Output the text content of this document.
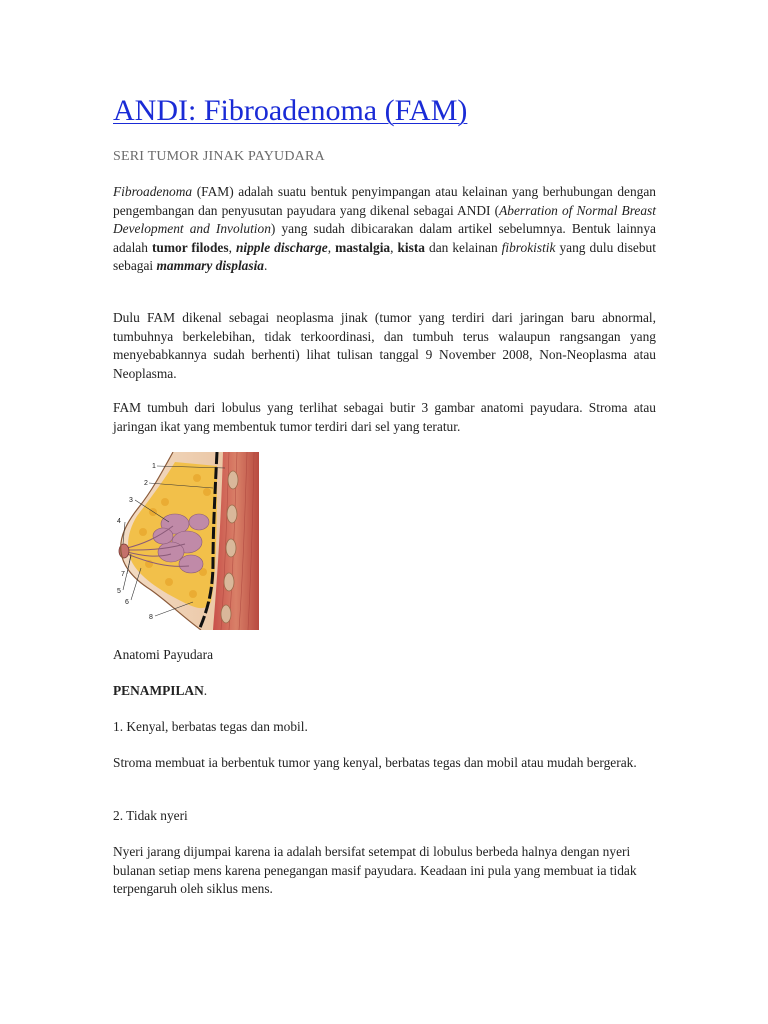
ANDI: Fibroadenoma (FAM)
SERI TUMOR JINAK PAYUDARA

Fibroadenoma (FAM) adalah suatu bentuk penyimpangan atau kelainan yang berhubungan dengan pengembangan dan penyusutan payudara yang dikenal sebagai ANDI (Aberration of Normal Breast Development and Involution) yang sudah dibicarakan dalam artikel sebelumnya. Bentuk lainnya adalah tumor filodes, nipple discharge, mastalgia, kista dan kelainan fibrokistik yang dulu disebut sebagai mammary displasia.

Dulu FAM dikenal sebagai neoplasma jinak (tumor yang terdiri dari jaringan baru abnormal, tumbuhnya berkelebihan, tidak terkoordinasi, dan tumbuh terus walaupun rangsangan yang menyebabkannya sudah berhenti) lihat tulisan tanggal 9 November 2008, Non-Neoplasma atau Neoplasma.

FAM tumbuh dari lobulus yang terlihat sebagai butir 3 gambar anatomi payudara. Stroma atau jaringan ikat yang membentuk tumor terdiri dari sel yang teratur.

1
2
3
4
5
6
7
8

Anatomi Payudara

PENAMPILAN.

1. Kenyal, berbatas tegas dan mobil.

Stroma membuat ia berbentuk tumor yang kenyal, berbatas tegas dan mobil atau mudah bergerak.

2. Tidak nyeri

Nyeri jarang dijumpai karena ia adalah bersifat setempat di lobulus berbeda halnya dengan nyeri bulanan setiap mens karena penegangan masif payudara. Keadaan ini pula yang membuat ia tidak terpengaruh oleh siklus mens.
